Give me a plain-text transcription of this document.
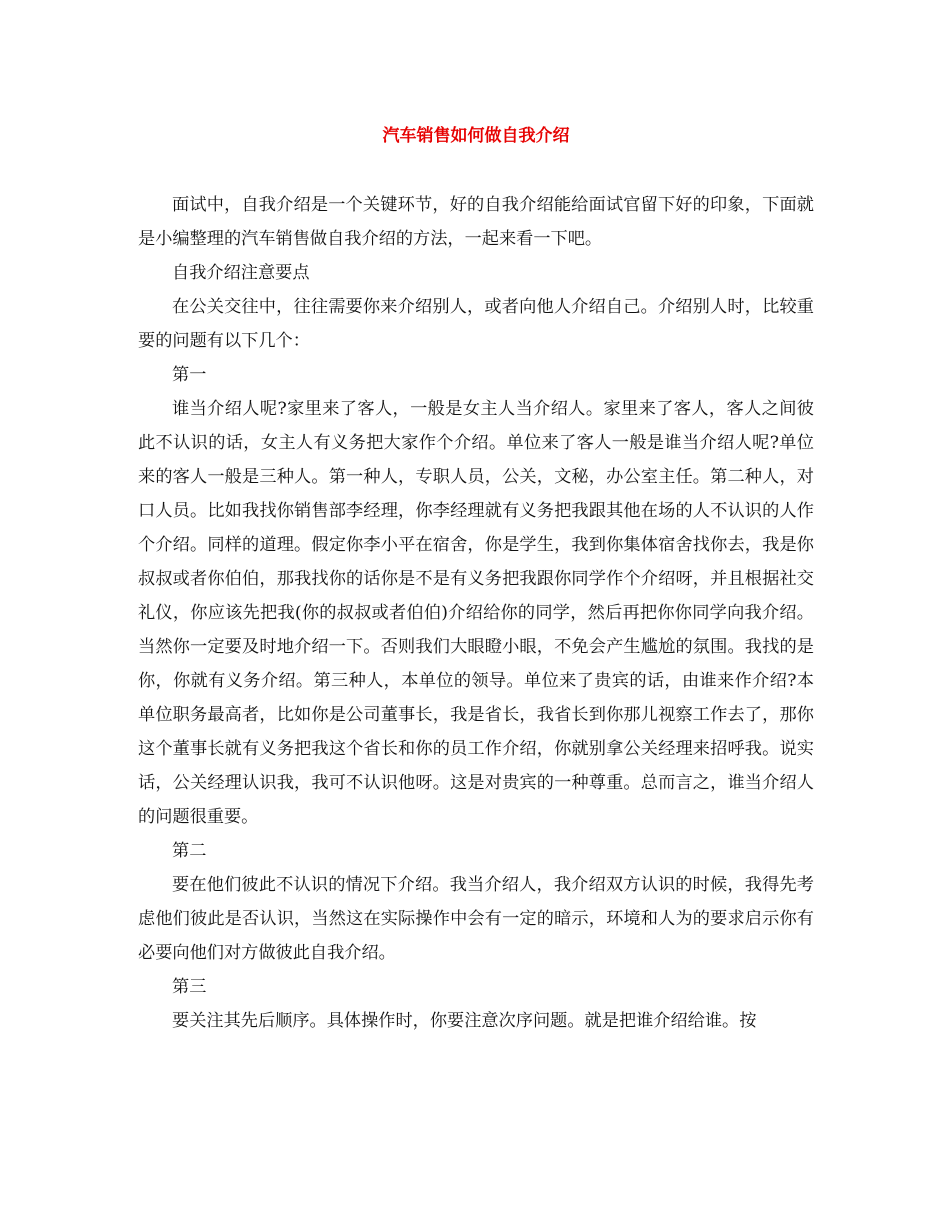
汽车销售如何做自我介绍

面试中，自我介绍是一个关键环节，好的自我介绍能给面试官留下好的印象，下面就是小编整理的汽车销售做自我介绍的方法，一起来看一下吧。

自我介绍注意要点

在公关交往中，往往需要你来介绍别人，或者向他人介绍自己。介绍别人时，比较重要的问题有以下几个：

第一

谁当介绍人呢?家里来了客人，一般是女主人当介绍人。家里来了客人，客人之间彼此不认识的话，女主人有义务把大家作个介绍。单位来了客人一般是谁当介绍人呢?单位来的客人一般是三种人。第一种人，专职人员，公关，文秘，办公室主任。第二种人，对口人员。比如我找你销售部李经理，你李经理就有义务把我跟其他在场的人不认识的人作个介绍。同样的道理。假定你李小平在宿舍，你是学生，我到你集体宿舍找你去，我是你叔叔或者你伯伯，那我找你的话你是不是有义务把我跟你同学作个介绍呀，并且根据社交礼仪，你应该先把我(你的叔叔或者伯伯)介绍给你的同学，然后再把你你同学向我介绍。当然你一定要及时地介绍一下。否则我们大眼瞪小眼，不免会产生尴尬的氛围。我找的是你，你就有义务介绍。第三种人，本单位的领导。单位来了贵宾的话，由谁来作介绍?本单位职务最高者，比如你是公司董事长，我是省长，我省长到你那儿视察工作去了，那你这个董事长就有义务把我这个省长和你的员工作介绍，你就别拿公关经理来招呼我。说实话，公关经理认识我，我可不认识他呀。这是对贵宾的一种尊重。总而言之，谁当介绍人的问题很重要。

第二

要在他们彼此不认识的情况下介绍。我当介绍人，我介绍双方认识的时候，我得先考虑他们彼此是否认识，当然这在实际操作中会有一定的暗示，环境和人为的要求启示你有必要向他们对方做彼此自我介绍。

第三

要关注其先后顺序。具体操作时，你要注意次序问题。就是把谁介绍给谁。按
